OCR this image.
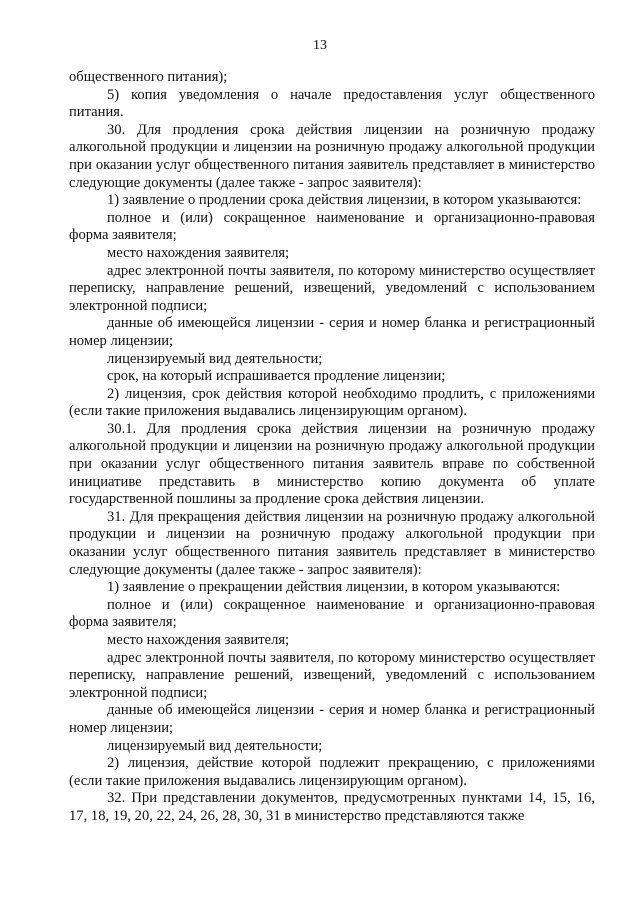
13

общественного питания);

5) копия уведомления о начале предоставления услуг общественного питания.

30. Для продления срока действия лицензии на розничную продажу алкогольной продукции и лицензии на розничную продажу алкогольной продукции при оказании услуг общественного питания заявитель представляет в министерство следующие документы (далее также - запрос заявителя):

1) заявление о продлении срока действия лицензии, в котором указываются:

полное и (или) сокращенное наименование и организационно-правовая форма заявителя;

место нахождения заявителя;

адрес электронной почты заявителя, по которому министерство осуществляет переписку, направление решений, извещений, уведомлений с использованием электронной подписи;

данные об имеющейся лицензии - серия и номер бланка и регистрационный номер лицензии;

лицензируемый вид деятельности;

срок, на который испрашивается продление лицензии;

2) лицензия, срок действия которой необходимо продлить, с приложениями (если такие приложения выдавались лицензирующим органом).

30.1. Для продления срока действия лицензии на розничную продажу алкогольной продукции и лицензии на розничную продажу алкогольной продукции при оказании услуг общественного питания заявитель вправе по собственной инициативе представить в министерство копию документа об уплате государственной пошлины за продление срока действия лицензии.

31. Для прекращения действия лицензии на розничную продажу алкогольной продукции и лицензии на розничную продажу алкогольной продукции при оказании услуг общественного питания заявитель представляет в министерство следующие документы (далее также - запрос заявителя):

1) заявление о прекращении действия лицензии, в котором указываются:

полное и (или) сокращенное наименование и организационно-правовая форма заявителя;

место нахождения заявителя;

адрес электронной почты заявителя, по которому министерство осуществляет переписку, направление решений, извещений, уведомлений с использованием электронной подписи;

данные об имеющейся лицензии - серия и номер бланка и регистрационный номер лицензии;

лицензируемый вид деятельности;

2) лицензия, действие которой подлежит прекращению, с приложениями (если такие приложения выдавались лицензирующим органом).

32. При представлении документов, предусмотренных пунктами 14, 15, 16, 17, 18, 19, 20, 22, 24, 26, 28, 30, 31 в министерство представляются также
